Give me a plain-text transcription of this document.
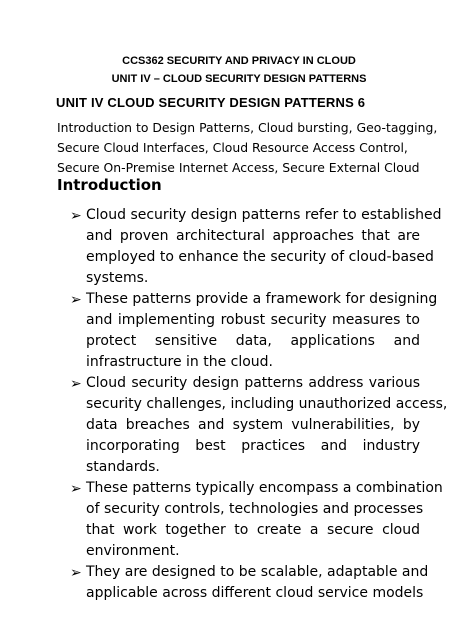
CCS362 SECURITY AND PRIVACY IN CLOUD
UNIT IV – CLOUD SECURITY DESIGN PATTERNS
UNIT IV CLOUD SECURITY DESIGN PATTERNS 6
Introduction to Design Patterns, Cloud bursting, Geo-tagging,
Secure Cloud Interfaces, Cloud Resource Access Control,
Secure On-Premise Internet Access, Secure External Cloud
Introduction
➢ Cloud security design patterns refer to established
and proven architectural approaches that are
employed to enhance the security of cloud-based
systems.
➢ These patterns provide a framework for designing
and implementing robust security measures to
protect sensitive data, applications and
infrastructure in the cloud.
➢ Cloud security design patterns address various
security challenges, including unauthorized access,
data breaches and system vulnerabilities, by
incorporating best practices and industry
standards.
➢ These patterns typically encompass a combination
of security controls, technologies and processes
that work together to create a secure cloud
environment.
➢ They are designed to be scalable, adaptable and
applicable across different cloud service models
